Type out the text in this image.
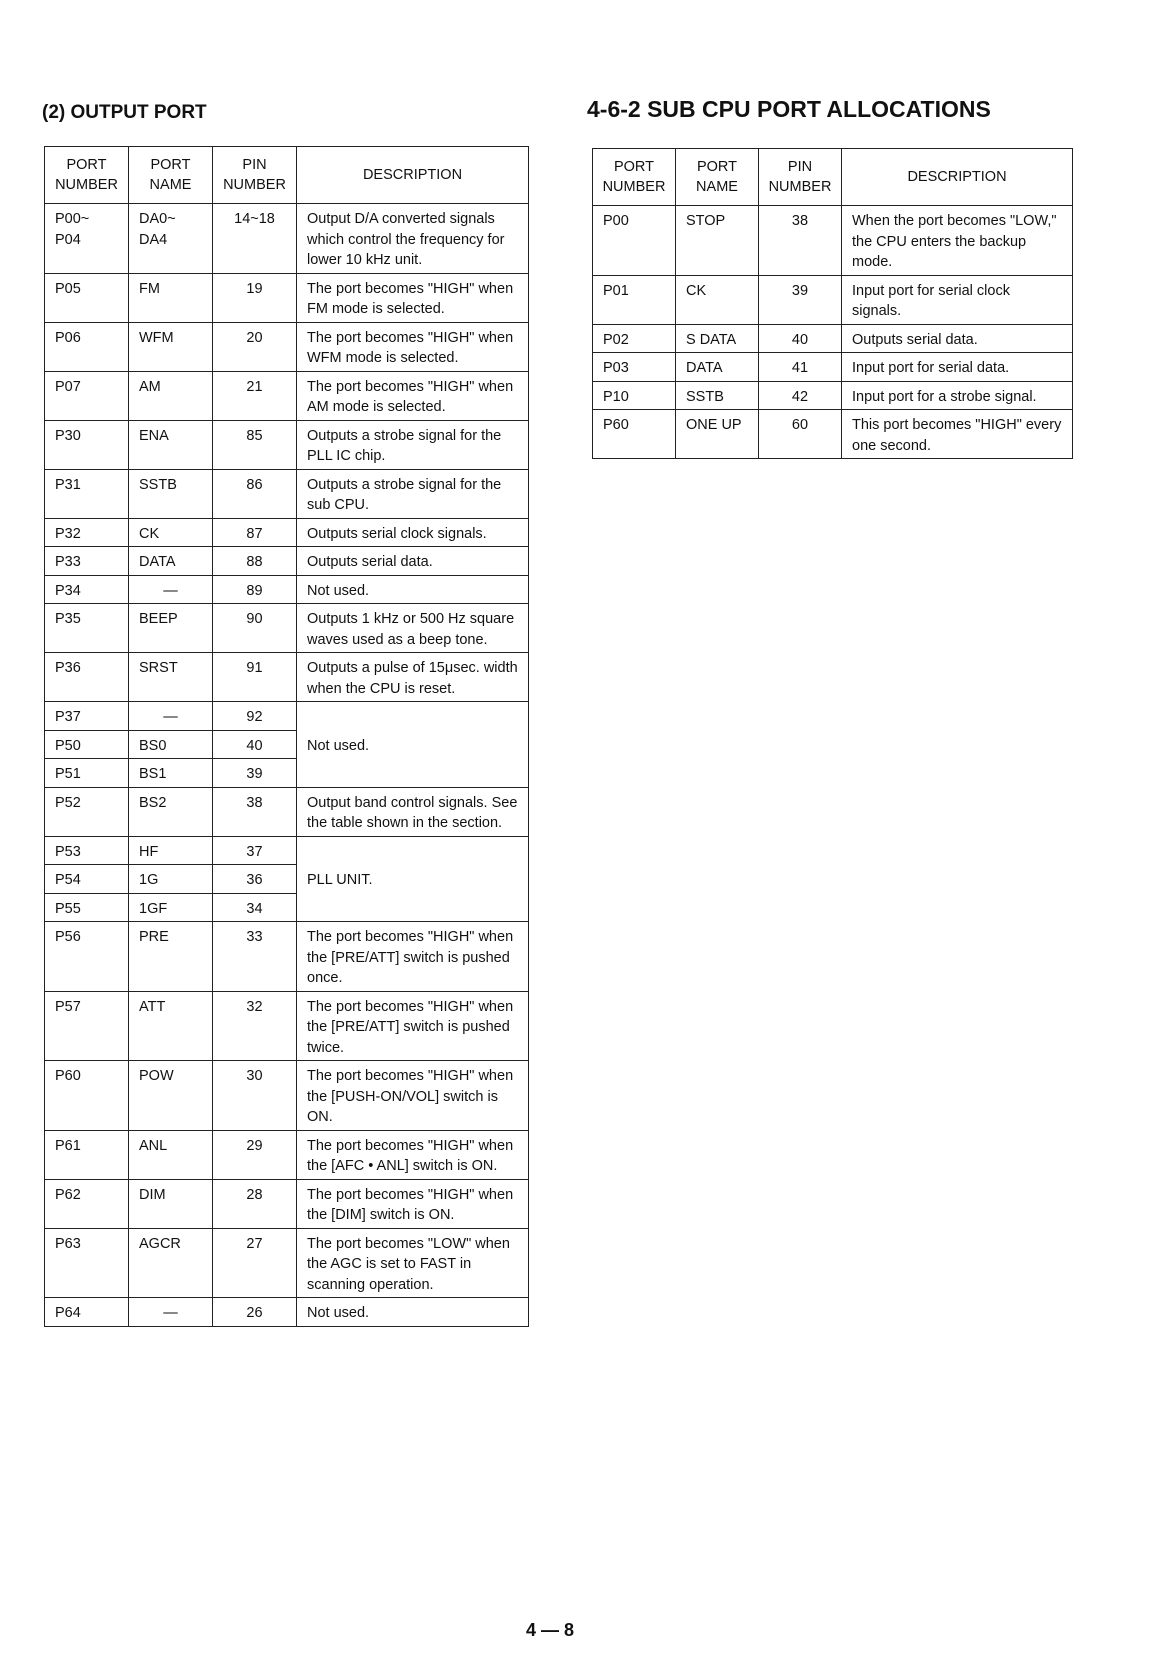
(2) OUTPUT PORT	4-6-2 SUB CPU PORT ALLOCATIONS
PORT NUMBER	PORT NAME	PIN NUMBER	DESCRIPTION
P00~ P04	DA0~ DA4	14~18	Output D/A converted signals which control the frequency for lower 10 kHz unit.
P05	FM	19	The port becomes "HIGH" when FM mode is selected.
P06	WFM	20	The port becomes "HIGH" when WFM mode is selected.
P07	AM	21	The port becomes "HIGH" when AM mode is selected.
P30	ENA	85	Outputs a strobe signal for the PLL IC chip.
P31	SSTB	86	Outputs a strobe signal for the sub CPU.
P32	CK	87	Outputs serial clock signals.
P33	DATA	88	Outputs serial data.
P34	—	89	Not used.
P35	BEEP	90	Outputs 1 kHz or 500 Hz square waves used as a beep tone.
P36	SRST	91	Outputs a pulse of 15μsec. width when the CPU is reset.
P37	—	92	Not used.
P50	BS0	40	
P51	BS1	39	
P52	BS2	38	Output band control signals. See the table shown in the section.
P53	HF	37	PLL UNIT.
P54	1G	36	
P55	1GF	34	
P56	PRE	33	The port becomes "HIGH" when the [PRE/ATT] switch is pushed once.
P57	ATT	32	The port becomes "HIGH" when the [PRE/ATT] switch is pushed twice.
P60	POW	30	The port becomes "HIGH" when the [PUSH-ON/VOL] switch is ON.
P61	ANL	29	The port becomes "HIGH" when the [AFC • ANL] switch is ON.
P62	DIM	28	The port becomes "HIGH" when the [DIM] switch is ON.
P63	AGCR	27	The port becomes "LOW" when the AGC is set to FAST in scanning operation.
P64	—	26	Not used.
PORT NUMBER	PORT NAME	PIN NUMBER	DESCRIPTION
P00	STOP	38	When the port becomes "LOW," the CPU enters the backup mode.
P01	CK	39	Input port for serial clock signals.
P02	S DATA	40	Outputs serial data.
P03	DATA	41	Input port for serial data.
P10	SSTB	42	Input port for a strobe signal.
P60	ONE UP	60	This port becomes "HIGH" every one second.
4 — 8
